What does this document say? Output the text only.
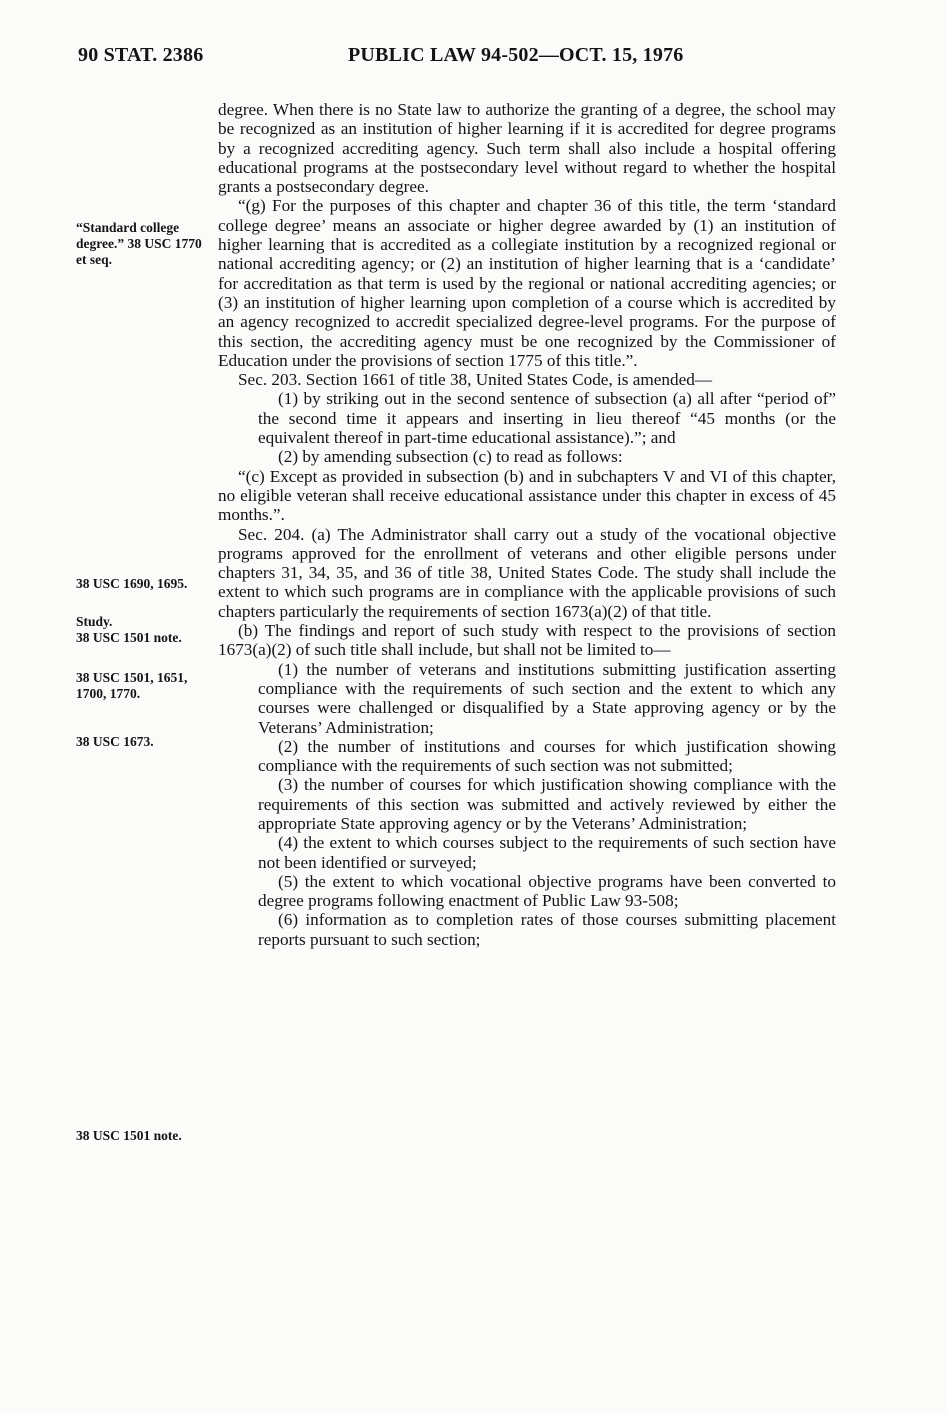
90 STAT. 2386	PUBLIC LAW 94-502—OCT. 15, 1976
“Standard college degree.” 38 USC 1770 et seq.
38 USC 1690, 1695.
Study.
38 USC 1501 note.
38 USC 1501, 1651, 1700, 1770.
38 USC 1673.
38 USC 1501 note.

degree. When there is no State law to authorize the granting of a degree, the school may be recognized as an institution of higher learning if it is accredited for degree programs by a recognized accrediting agency. Such term shall also include a hospital offering educational programs at the postsecondary level without regard to whether the hospital grants a postsecondary degree.

“(g) For the purposes of this chapter and chapter 36 of this title, the term ‘standard college degree’ means an associate or higher degree awarded by (1) an institution of higher learning that is accredited as a collegiate institution by a recognized regional or national accrediting agency; or (2) an institution of higher learning that is a ‘candidate’ for accreditation as that term is used by the regional or national accrediting agencies; or (3) an institution of higher learning upon completion of a course which is accredited by an agency recognized to accredit specialized degree-level programs. For the purpose of this section, the accrediting agency must be one recognized by the Commissioner of Education under the provisions of section 1775 of this title.”.

Sec. 203. Section 1661 of title 38, United States Code, is amended—

(1) by striking out in the second sentence of subsection (a) all after “period of” the second time it appears and inserting in lieu thereof “45 months (or the equivalent thereof in part-time educational assistance).”; and

(2) by amending subsection (c) to read as follows:

“(c) Except as provided in subsection (b) and in subchapters V and VI of this chapter, no eligible veteran shall receive educational assistance under this chapter in excess of 45 months.”.

Sec. 204. (a) The Administrator shall carry out a study of the vocational objective programs approved for the enrollment of veterans and other eligible persons under chapters 31, 34, 35, and 36 of title 38, United States Code. The study shall include the extent to which such programs are in compliance with the applicable provisions of such chapters particularly the requirements of section 1673(a)(2) of that title.

(b) The findings and report of such study with respect to the provisions of section 1673(a)(2) of such title shall include, but shall not be limited to—

(1) the number of veterans and institutions submitting justification asserting compliance with the requirements of such section and the extent to which any courses were challenged or disqualified by a State approving agency or by the Veterans’ Administration;

(2) the number of institutions and courses for which justification showing compliance with the requirements of such section was not submitted;

(3) the number of courses for which justification showing compliance with the requirements of this section was submitted and actively reviewed by either the appropriate State approving agency or by the Veterans’ Administration;

(4) the extent to which courses subject to the requirements of such section have not been identified or surveyed;

(5) the extent to which vocational objective programs have been converted to degree programs following enactment of Public Law 93-508;

(6) information as to completion rates of those courses submitting placement reports pursuant to such section;
